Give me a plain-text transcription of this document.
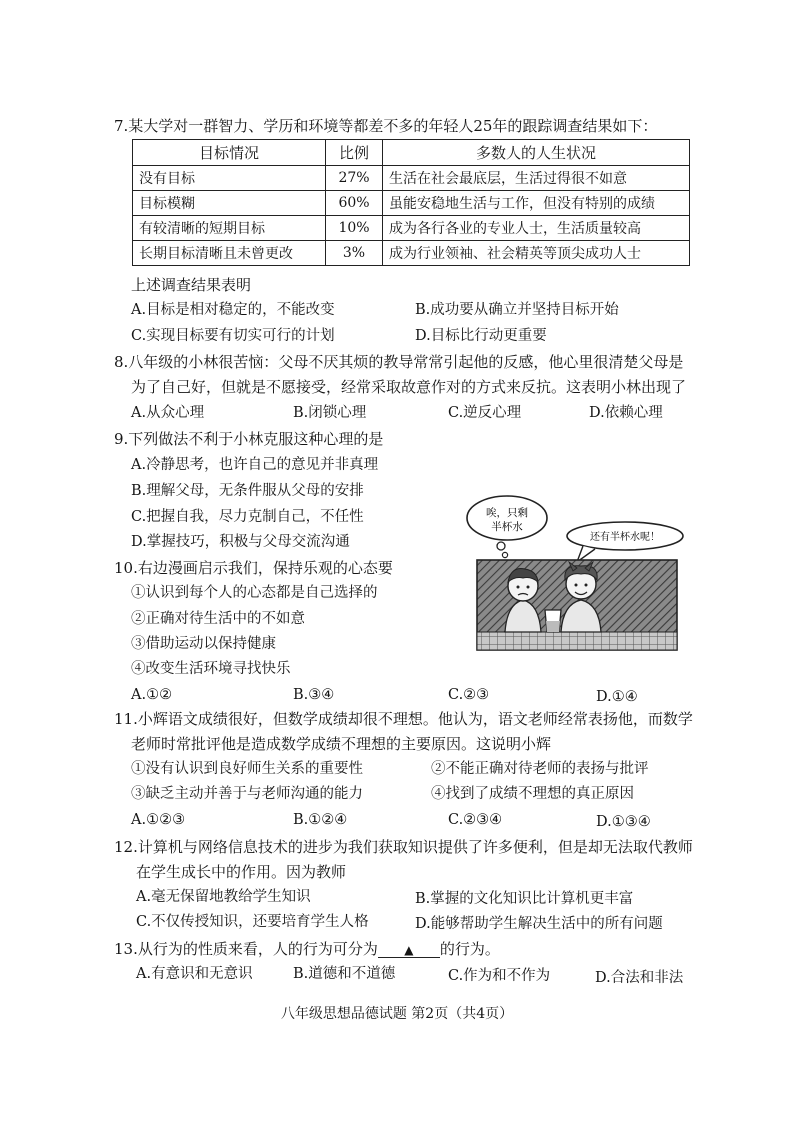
7.某大学对一群智力、学历和环境等都差不多的年轻人25年的跟踪调查结果如下：
目标情况	比例	多数人的人生状况
没有目标	27%	生活在社会最底层，生活过得很不如意
目标模糊	60%	虽能安稳地生活与工作，但没有特别的成绩
有较清晰的短期目标	10%	成为各行各业的专业人士，生活质量较高
长期目标清晰且未曾更改	3%	成为行业领袖、社会精英等顶尖成功人士
上述调查结果表明
A.目标是相对稳定的，不能改变	B.成功要从确立并坚持目标开始
C.实现目标要有切实可行的计划	D.目标比行动更重要
8.八年级的小林很苦恼：父母不厌其烦的教导常常引起他的反感，他心里很清楚父母是
为了自己好，但就是不愿接受，经常采取故意作对的方式来反抗。这表明小林出现了
A.从众心理	B.闭锁心理	C.逆反心理	D.依赖心理
9.下列做法不利于小林克服这种心理的是
A.冷静思考，也许自己的意见并非真理
B.理解父母，无条件服从父母的安排
C.把握自我，尽力克制自己，不任性
D.掌握技巧，积极与父母交流沟通
10.右边漫画启示我们，保持乐观的心态要
①认识到每个人的心态都是自己选择的
②正确对待生活中的不如意
③借助运动以保持健康
④改变生活环境寻找快乐
A.①②	B.③④	C.②③	D.①④
唉，只剩
半杯水
还有半杯水呢！
11.小辉语文成绩很好，但数学成绩却很不理想。他认为，语文老师经常表扬他，而数学
老师时常批评他是造成数学成绩不理想的主要原因。这说明小辉
①没有认识到良好师生关系的重要性	②不能正确对待老师的表扬与批评
③缺乏主动并善于与老师沟通的能力	④找到了成绩不理想的真正原因
A.①②③	B.①②④	C.②③④	D.①③④
12.计算机与网络信息技术的进步为我们获取知识提供了许多便利，但是却无法取代教师
在学生成长中的作用。因为教师
A.毫无保留地教给学生知识	B.掌握的文化知识比计算机更丰富
C.不仅传授知识，还要培育学生人格	D.能够帮助学生解决生活中的所有问题
13.从行为的性质来看，人的行为可分为 ▲ 的行为。
A.有意识和无意识	B.道德和不道德	C.作为和不作为	D.合法和非法
八年级思想品德试题 第2页（共4页）
